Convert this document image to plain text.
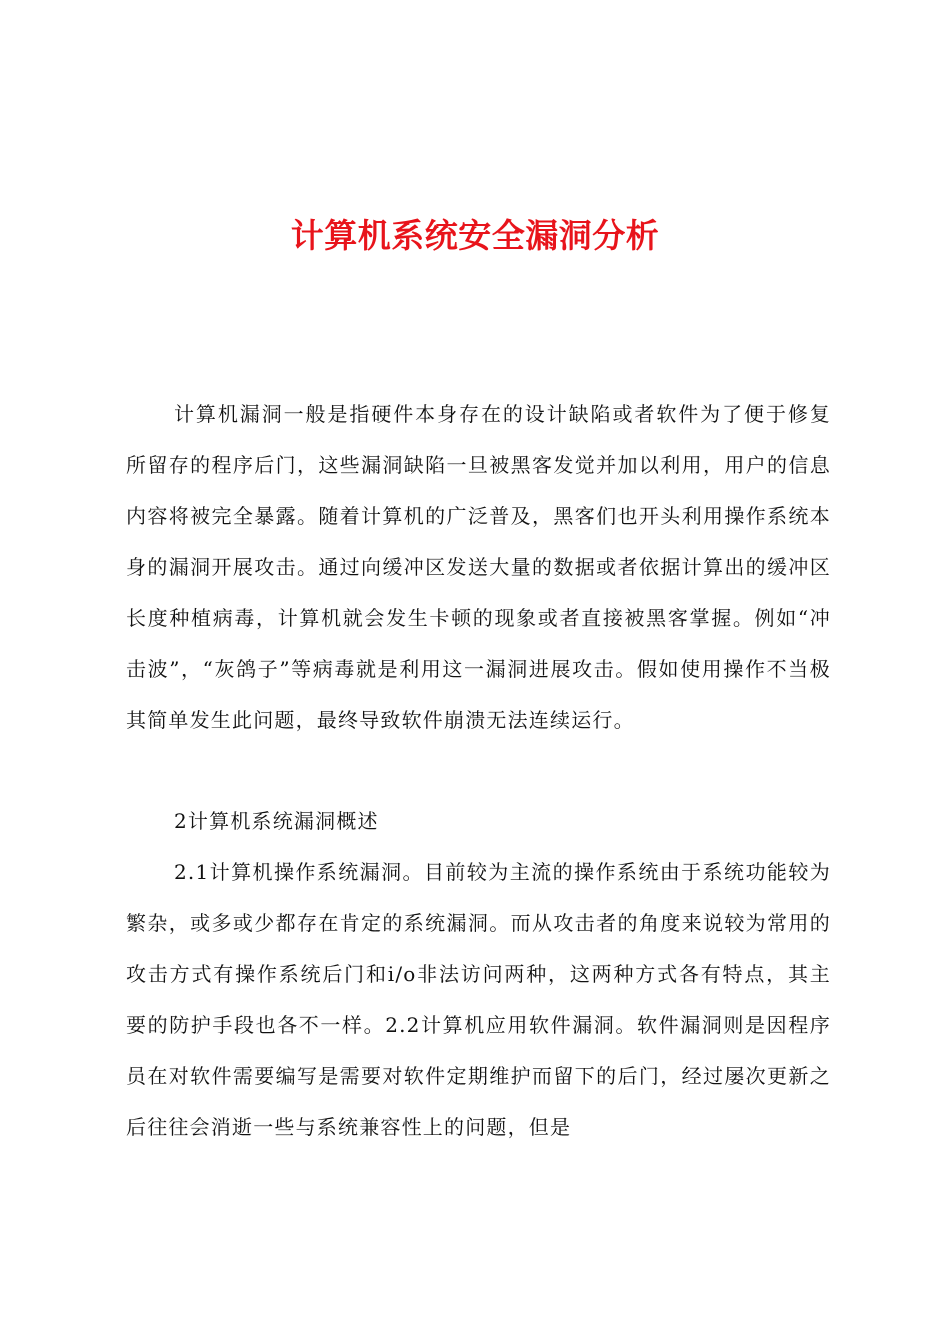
计算机系统安全漏洞分析

计算机漏洞一般是指硬件本身存在的设计缺陷或者软件为了便于修复所留存的程序后门，这些漏洞缺陷一旦被黑客发觉并加以利用，用户的信息内容将被完全暴露。随着计算机的广泛普及，黑客们也开头利用操作系统本身的漏洞开展攻击。通过向缓冲区发送大量的数据或者依据计算出的缓冲区长度种植病毒，计算机就会发生卡顿的现象或者直接被黑客掌握。例如“冲击波”，“灰鸽子”等病毒就是利用这一漏洞进展攻击。假如使用操作不当极其简单发生此问题，最终导致软件崩溃无法连续运行。

2计算机系统漏洞概述

2.1计算机操作系统漏洞。目前较为主流的操作系统由于系统功能较为繁杂，或多或少都存在肯定的系统漏洞。而从攻击者的角度来说较为常用的攻击方式有操作系统后门和i/o非法访问两种，这两种方式各有特点，其主要的防护手段也各不一样。2.2计算机应用软件漏洞。软件漏洞则是因程序员在对软件需要编写是需要对软件定期维护而留下的后门，经过屡次更新之后往往会消逝一些与系统兼容性上的问题，但是
